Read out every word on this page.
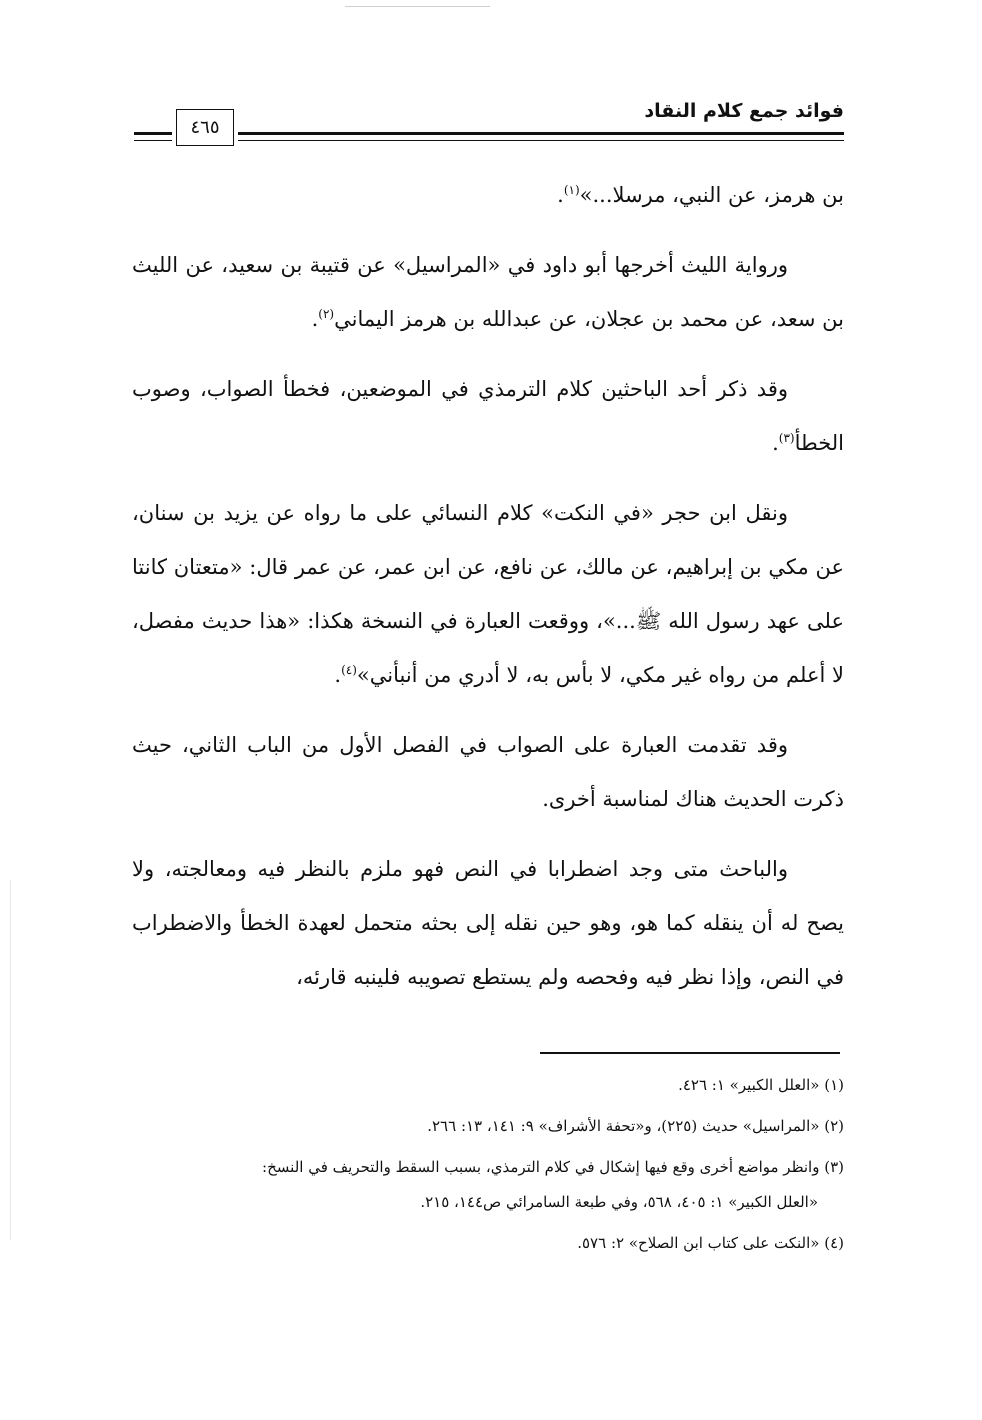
فوائد جمع كلام النقاد
٤٦٥

بن هرمز، عن النبي، مرسلا...»$^{(١)}$.

ورواية الليث أخرجها أبو داود في «المراسيل» عن قتيبة بن سعيد، عن الليث بن سعد، عن محمد بن عجلان، عن عبدالله بن هرمز اليماني$^{(٢)}$.

وقد ذكر أحد الباحثين كلام الترمذي في الموضعين، فخطأ الصواب، وصوب الخطأ$^{(٣)}$.

ونقل ابن حجر «في النكت» كلام النسائي على ما رواه عن يزيد بن سنان، عن مكي بن إبراهيم، عن مالك، عن نافع، عن ابن عمر، عن عمر قال: «متعتان كانتا على عهد رسول الله ﷺ...»، ووقعت العبارة في النسخة هكذا: «هذا حديث مفصل، لا أعلم من رواه غير مكي، لا بأس به، لا أدري من أنبأني»$^{(٤)}$.

وقد تقدمت العبارة على الصواب في الفصل الأول من الباب الثاني، حيث ذكرت الحديث هناك لمناسبة أخرى.

والباحث متى وجد اضطرابا في النص فهو ملزم بالنظر فيه ومعالجته، ولا يصح له أن ينقله كما هو، وهو حين نقله إلى بحثه متحمل لعهدة الخطأ والاضطراب في النص، وإذا نظر فيه وفحصه ولم يستطع تصويبه فلينبه قارئه،

(١) «العلل الكبير» ١: ٤٢٦.
(٢) «المراسيل» حديث (٢٢٥)، و«تحفة الأشراف» ٩: ١٤١، ١٣: ٢٦٦.
(٣) وانظر مواضع أخرى وقع فيها إشكال في كلام الترمذي، بسبب السقط والتحريف في النسخ:
«العلل الكبير» ١: ٤٠٥، ٥٦٨، وفي طبعة السامرائي ص١٤٤، ٢١٥.
(٤) «النكت على كتاب ابن الصلاح» ٢: ٥٧٦.
